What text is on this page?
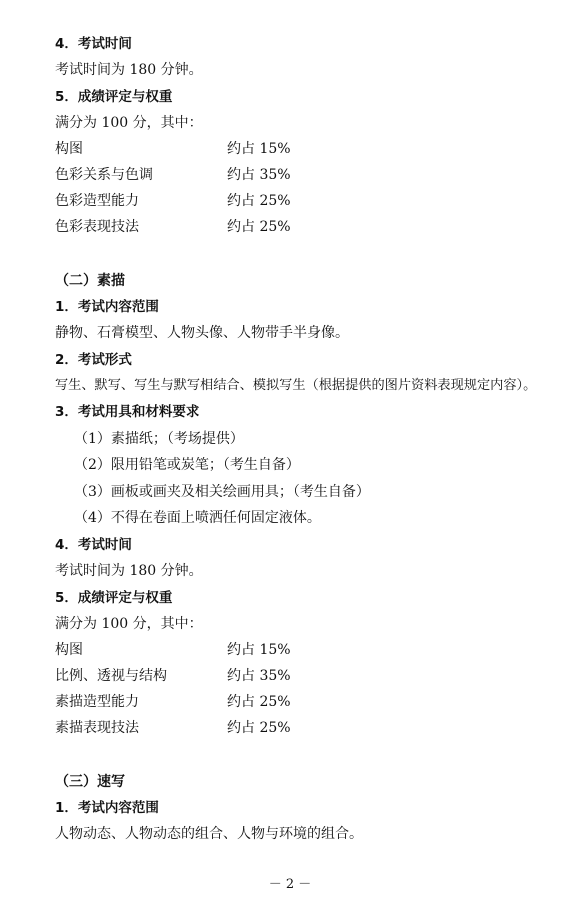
4．考试时间
考试时间为 180 分钟。
5．成绩评定与权重
满分为 100 分，其中：
构图	约占 15%
色彩关系与色调	约占 35%
色彩造型能力	约占 25%
色彩表现技法	约占 25%
（二）素描
1．考试内容范围
静物、石膏模型、人物头像、人物带手半身像。
2．考试形式
写生、默写、写生与默写相结合、模拟写生（根据提供的图片资料表现规定内容）。
3．考试用具和材料要求
（1）素描纸；（考场提供）
（2）限用铅笔或炭笔；（考生自备）
（3）画板或画夹及相关绘画用具；（考生自备）
（4）不得在卷面上喷洒任何固定液体。
4．考试时间
考试时间为 180 分钟。
5．成绩评定与权重
满分为 100 分，其中：
构图	约占 15%
比例、透视与结构	约占 35%
素描造型能力	约占 25%
素描表现技法	约占 25%
（三）速写
1．考试内容范围
人物动态、人物动态的组合、人物与环境的组合。
－ 2 －
